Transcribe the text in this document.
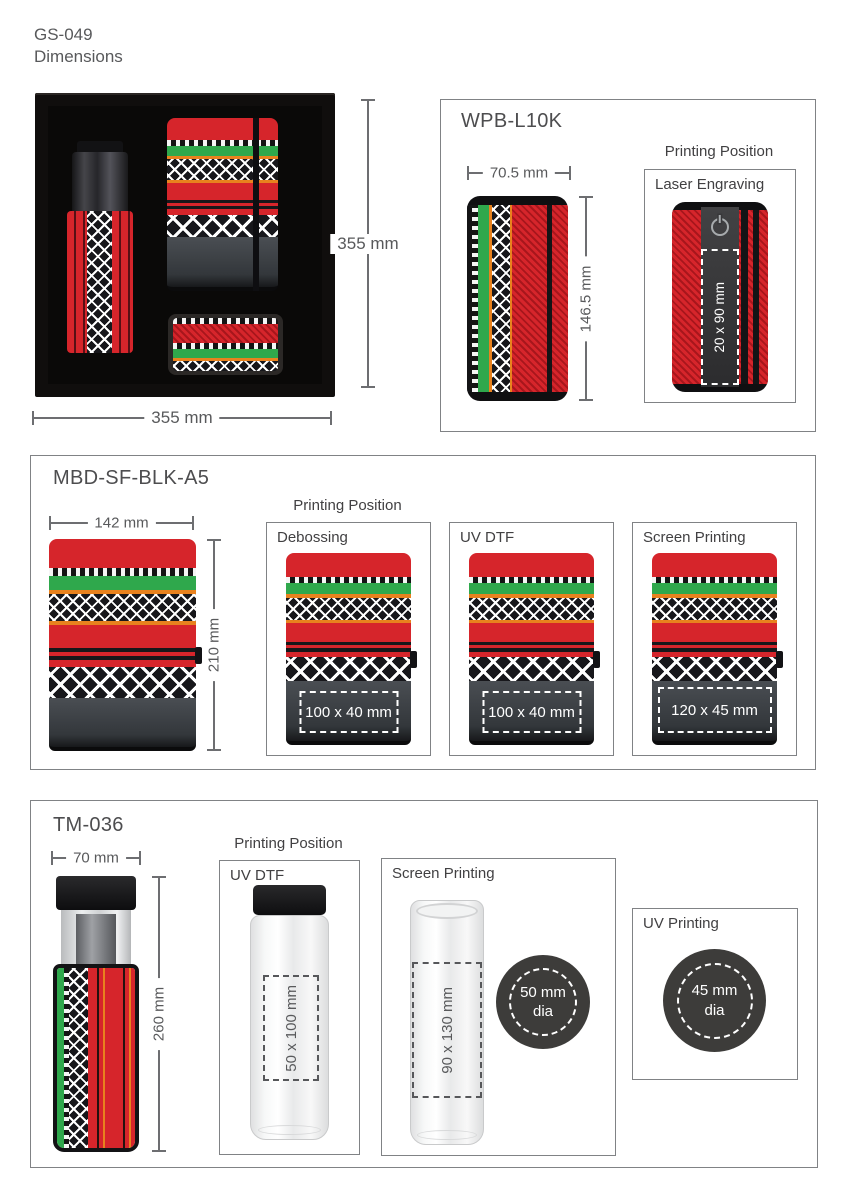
GS-049
Dimensions
355 mm
355 mm
WPB-L10K
70.5 mm
146.5 mm
Printing Position
Laser Engraving
20 x 90 mm
MBD-SF-BLK-A5
142 mm
210 mm
Printing Position
Debossing
100 x 40 mm
UV DTF
100 x 40 mm
Screen Printing
120 x 45 mm
TM-036
70 mm
260 mm
Printing Position
UV DTF
50 x 100 mm
Screen Printing
90 x 130 mm	50 mm
dia
UV Printing
45 mm
dia
